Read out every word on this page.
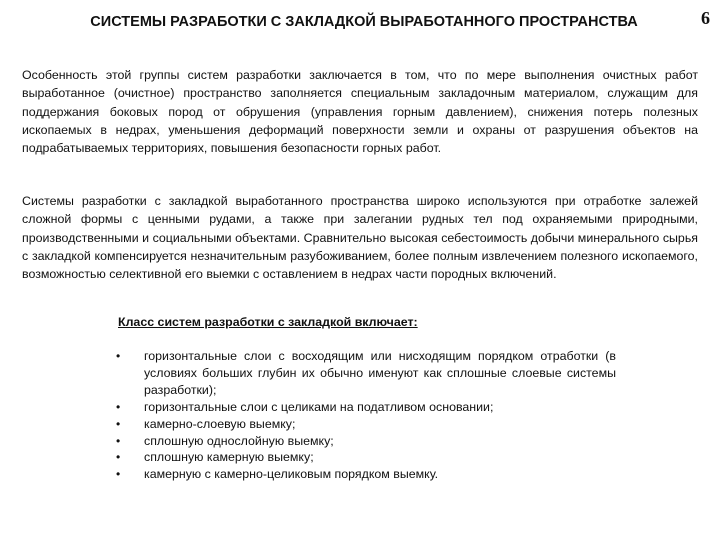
СИСТЕМЫ РАЗРАБОТКИ С ЗАКЛАДКОЙ ВЫРАБОТАННОГО ПРОСТРАНСТВА	6

Особенность этой группы систем разработки заключается в том, что по мере выполнения очистных работ выработанное (очистное) пространство заполняется специальным закладочным материалом, служащим для поддержания боковых пород от обрушения (управления горным давлением), снижения потерь полезных ископаемых в недрах, уменьшения деформаций поверхности земли и охраны от разрушения объектов на подрабатываемых территориях, повышения безопасности горных работ.

Системы разработки с закладкой выработанного пространства широко используются при отработке залежей сложной формы с ценными рудами, а также при залегании рудных тел под охраняемыми природными, производственными и социальными объектами. Сравнительно высокая себестоимость добычи минерального сырья с закладкой компенсируется незначительным разубоживанием, более полным извлечением полезного ископаемого, возможностью селективной его выемки с оставлением в недрах части породных включений.

Класс систем разработки с закладкой включает:
• горизонтальные слои с восходящим или нисходящим порядком отработки (в условиях больших глубин их обычно именуют как сплошные слоевые системы разработки);
• горизонтальные слои с целиками на податливом основании;
• камерно-слоевую выемку;
• сплошную однослойную выемку;
• сплошную камерную выемку;
• камерную с камерно-целиковым порядком выемку.
